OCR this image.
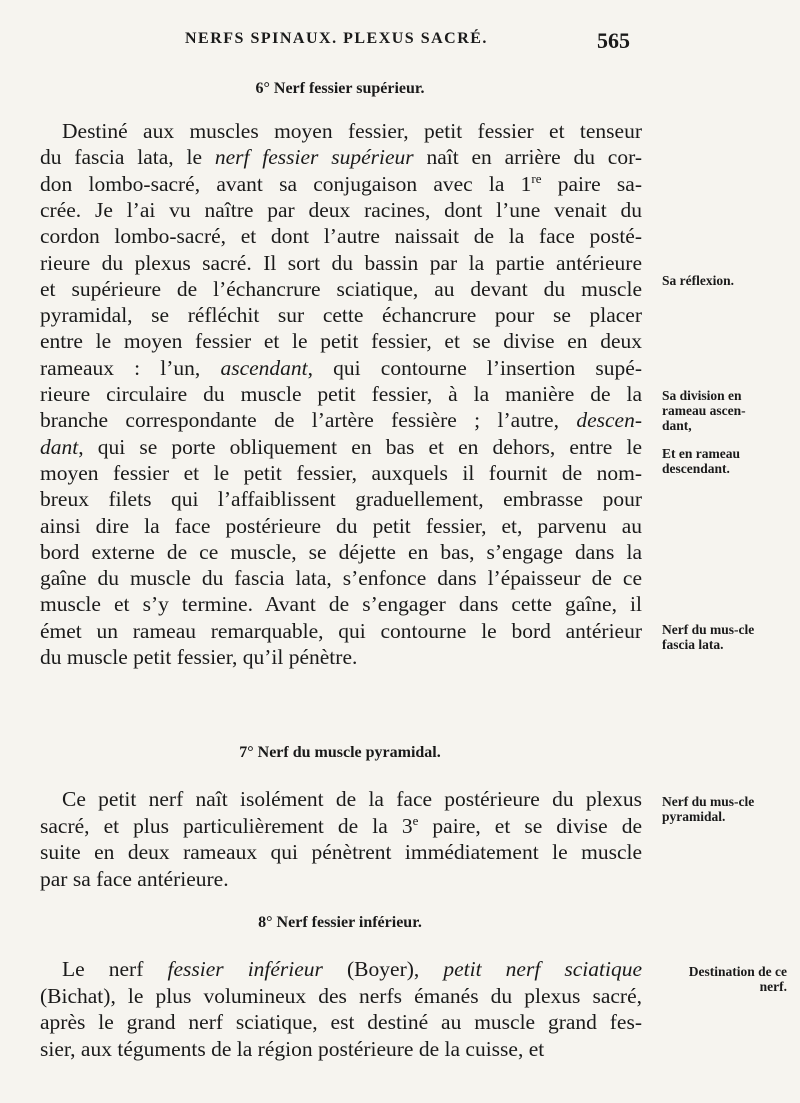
NERFS SPINAUX. PLEXUS SACRÉ.	565
6° Nerf fessier supérieur.
7° Nerf du muscle pyramidal.
8° Nerf fessier inférieur.
Destiné aux muscles moyen fessier, petit fessier et tenseur
du fascia lata, le nerf fessier supérieur naît en arrière du cor-
don lombo-sacré, avant sa conjugaison avec la 1re paire sa-
crée. Je l’ai vu naître par deux racines, dont l’une venait du
cordon lombo-sacré, et dont l’autre naissait de la face posté-
rieure du plexus sacré. Il sort du bassin par la partie antérieure
et supérieure de l’échancrure sciatique, au devant du muscle
pyramidal, se réfléchit sur cette échancrure pour se placer
entre le moyen fessier et le petit fessier, et se divise en deux
rameaux : l’un, ascendant, qui contourne l’insertion supé-
rieure circulaire du muscle petit fessier, à la manière de la
branche correspondante de l’artère fessière ; l’autre, descen-
dant, qui se porte obliquement en bas et en dehors, entre le
moyen fessier et le petit fessier, auxquels il fournit de nom-
breux filets qui l’affaiblissent graduellement, embrasse pour
ainsi dire la face postérieure du petit fessier, et, parvenu au
bord externe de ce muscle, se déjette en bas, s’engage dans la
gaîne du muscle du fascia lata, s’enfonce dans l’épaisseur de ce
muscle et s’y termine. Avant de s’engager dans cette gaîne, il
émet un rameau remarquable, qui contourne le bord antérieur
du muscle petit fessier, qu’il pénètre.
Ce petit nerf naît isolément de la face postérieure du plexus
sacré, et plus particulièrement de la 3e paire, et se divise de
suite en deux rameaux qui pénètrent immédiatement le muscle
par sa face antérieure.
Le nerf fessier inférieur (Boyer), petit nerf sciatique
(Bichat), le plus volumineux des nerfs émanés du plexus sacré,
après le grand nerf sciatique, est destiné au muscle grand fes-
sier, aux téguments de la région postérieure de la cuisse, et
Sa réflexion.
Sa division en rameau ascen-dant,
Et en rameau descendant.
Nerf du mus-cle fascia lata.
Nerf du mus-cle pyramidal.
Destination de ce nerf.
